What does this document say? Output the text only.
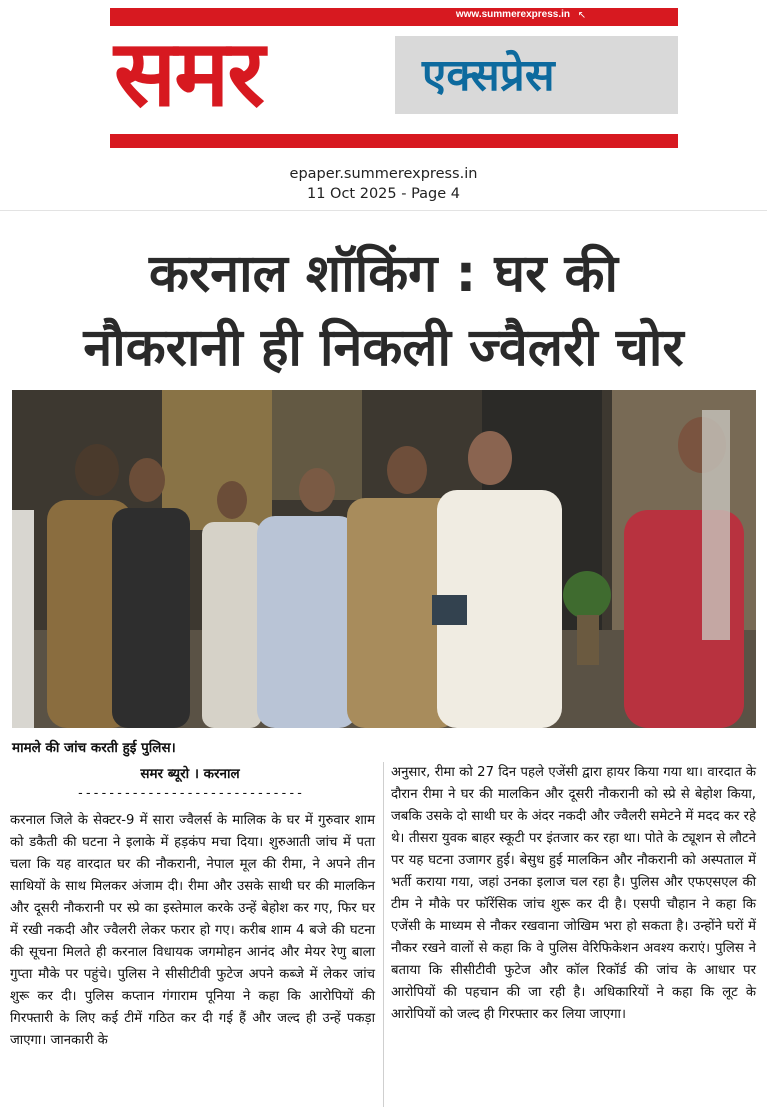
www.summerexpress.in ↖
समर	एक्सप्रेस
epaper.summerexpress.in
11 Oct 2025 - Page 4
करनाल शॉकिंग : घर की
नौकरानी ही निकली ज्वैलरी चोर
मामले की जांच करती हुई पुलिस।
समर ब्यूरो । करनाल
-----------------------------
करनाल जिले के सेक्टर-9 में सारा ज्वैलर्स के मालिक के घर में गुरुवार शाम को डकैती की घटना ने इलाके में हड़कंप मचा दिया। शुरुआती जांच में पता चला कि यह वारदात घर की नौकरानी, नेपाल मूल की रीमा, ने अपने तीन साथियों के साथ मिलकर अंजाम दी। रीमा और उसके साथी घर की मालकिन और दूसरी नौकरानी पर स्प्रे का इस्तेमाल करके उन्हें बेहोश कर गए, फिर घर में रखी नकदी और ज्वैलरी लेकर फरार हो गए। करीब शाम 4 बजे की घटना की सूचना मिलते ही करनाल विधायक जगमोहन आनंद और मेयर रेणु बाला गुप्ता मौके पर पहुंचे। पुलिस ने सीसीटीवी फुटेज अपने कब्जे में लेकर जांच शुरू कर दी। पुलिस कप्तान गंगाराम पूनिया ने कहा कि आरोपियों की गिरफ्तारी के लिए कई टीमें गठित कर दी गई हैं और जल्द ही उन्हें पकड़ा जाएगा। जानकारी के
अनुसार, रीमा को 27 दिन पहले एजेंसी द्वारा हायर किया गया था। वारदात के दौरान रीमा ने घर की मालकिन और दूसरी नौकरानी को स्प्रे से बेहोश किया, जबकि उसके दो साथी घर के अंदर नकदी और ज्वैलरी समेटने में मदद कर रहे थे। तीसरा युवक बाहर स्कूटी पर इंतजार कर रहा था। पोते के ट्यूशन से लौटने पर यह घटना उजागर हुई। बेसुध हुई मालकिन और नौकरानी को अस्पताल में भर्ती कराया गया, जहां उनका इलाज चल रहा है। पुलिस और एफएसएल की टीम ने मौके पर फॉरेंसिक जांच शुरू कर दी है। एसपी चौहान ने कहा कि एजेंसी के माध्यम से नौकर रखवाना जोखिम भरा हो सकता है। उन्होंने घरों में नौकर रखने वालों से कहा कि वे पुलिस वेरिफिकेशन अवश्य कराएं। पुलिस ने बताया कि सीसीटीवी फुटेज और कॉल रिकॉर्ड की जांच के आधार पर आरोपियों की पहचान की जा रही है। अधिकारियों ने कहा कि लूट के आरोपियों को जल्द ही गिरफ्तार कर लिया जाएगा।
